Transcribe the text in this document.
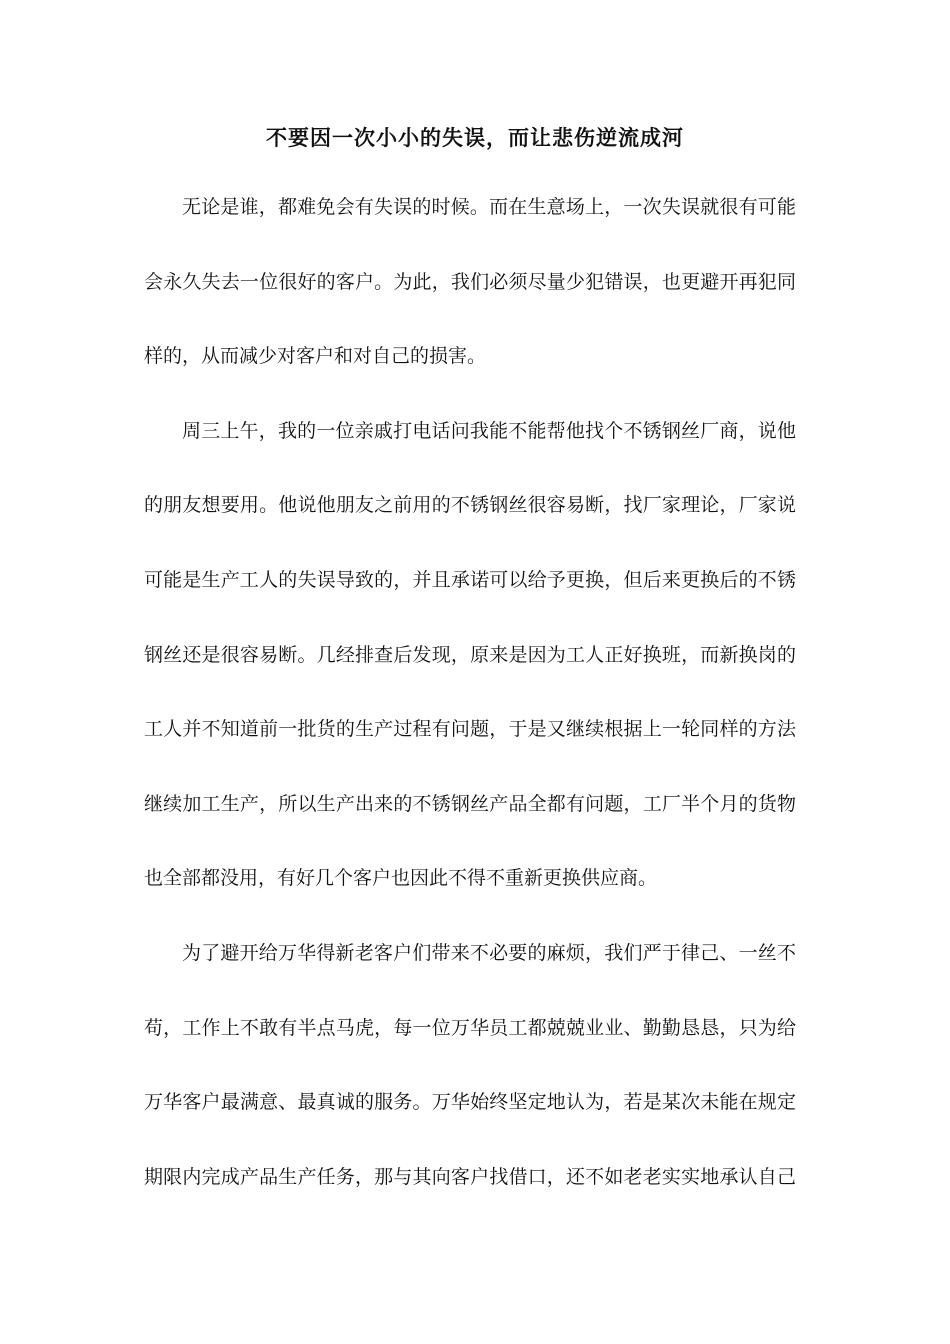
不要因一次小小的失误，而让悲伤逆流成河
无论是谁，都难免会有失误的时候。而在生意场上，一次失误就很有可能
会永久失去一位很好的客户。为此，我们必须尽量少犯错误，也更避开再犯同
样的，从而减少对客户和对自己的损害。
周三上午，我的一位亲戚打电话问我能不能帮他找个不锈钢丝厂商，说他
的朋友想要用。他说他朋友之前用的不锈钢丝很容易断，找厂家理论，厂家说
可能是生产工人的失误导致的，并且承诺可以给予更换，但后来更换后的不锈
钢丝还是很容易断。几经排查后发现，原来是因为工人正好换班，而新换岗的
工人并不知道前一批货的生产过程有问题，于是又继续根据上一轮同样的方法
继续加工生产，所以生产出来的不锈钢丝产品全都有问题，工厂半个月的货物
也全部都没用，有好几个客户也因此不得不重新更换供应商。
为了避开给万华得新老客户们带来不必要的麻烦，我们严于律己、一丝不
苟，工作上不敢有半点马虎，每一位万华员工都兢兢业业、勤勤恳恳，只为给
万华客户最满意、最真诚的服务。万华始终坚定地认为，若是某次未能在规定
期限内完成产品生产任务，那与其向客户找借口，还不如老老实实地承认自己
